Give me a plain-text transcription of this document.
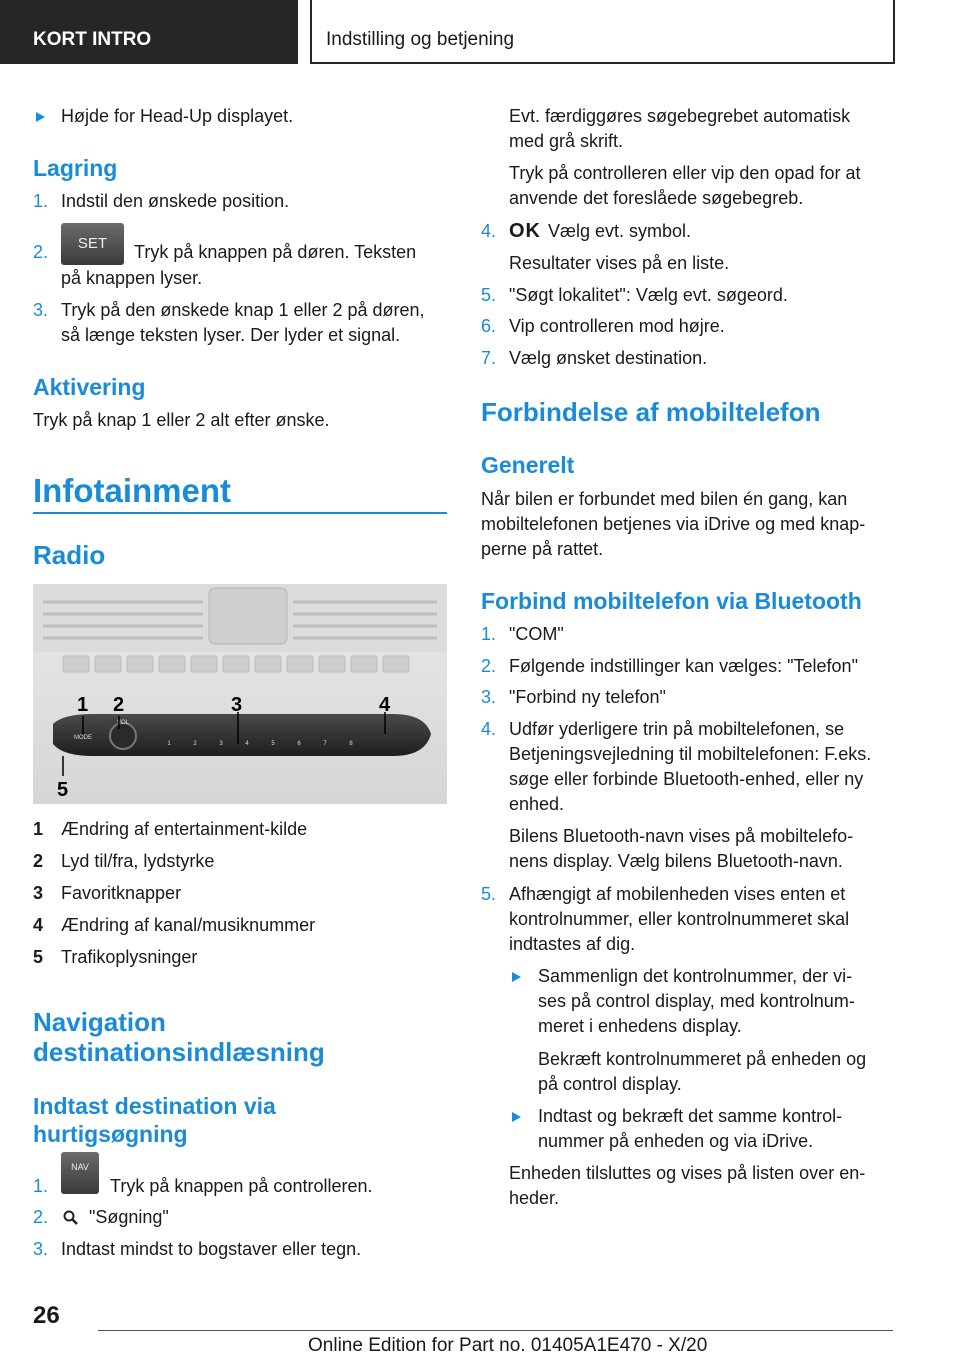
KORT INTRO	Indstilling og betjening
Højde for Head-Up displayet.
Lagring
1. Indstil den ønskede position.
2.	SET	Tryk på knappen på døren. Teksten
på knappen lyser.
3. Tryk på den ønskede knap 1 eller 2 på døren,
så længe teksten lyser. Der lyder et signal.
Aktivering
Tryk på knap 1 eller 2 alt efter ønske.
Infotainment
Radio
MODE
VOL
1	2	3	4	5	6	7	8
1 2	3	4
5
1 Ændring af entertainment-kilde
2 Lyd til/fra, lydstyrke
3 Favoritknapper
4 Ændring af kanal/musiknummer
5 Trafikoplysninger
Navigation
destinationsindlæsning
Indtast destination via
hurtigsøgning
1.
NAV
Tryk på knappen på controlleren.
2. "Søgning"
3. Indtast mindst to bogstaver eller tegn.
Evt. færdiggøres søgebegrebet automatisk
med grå skrift.
Tryk på controlleren eller vip den opad for at
anvende det foreslåede søgebegreb.
4. OK Vælg evt. symbol.
Resultater vises på en liste.
5. "Søgt lokalitet": Vælg evt. søgeord.
6. Vip controlleren mod højre.
7. Vælg ønsket destination.
Forbindelse af mobiltelefon
Generelt
Når bilen er forbundet med bilen én gang, kan
mobiltelefonen betjenes via iDrive og med knap-
perne på rattet.
Forbind mobiltelefon via Bluetooth
1. "COM"
2. Følgende indstillinger kan vælges: "Telefon"
3. "Forbind ny telefon"
4. Udfør yderligere trin på mobiltelefonen, se
Betjeningsvejledning til mobiltelefonen: F.eks.
søge eller forbinde Bluetooth-enhed, eller ny
enhed.
Bilens Bluetooth-navn vises på mobiltelefo-
nens display. Vælg bilens Bluetooth-navn.
5. Afhængigt af mobilenheden vises enten et
kontrolnummer, eller kontrolnummeret skal
indtastes af dig.
Sammenlign det kontrolnummer, der vi-
ses på control display, med kontrolnum-
meret i enhedens display.
Bekræft kontrolnummeret på enheden og
på control display.
Indtast og bekræft det samme kontrol-
nummer på enheden og via iDrive.
Enheden tilsluttes og vises på listen over en-
heder.
26
Online Edition for Part no. 01405A1E470 - X/20
